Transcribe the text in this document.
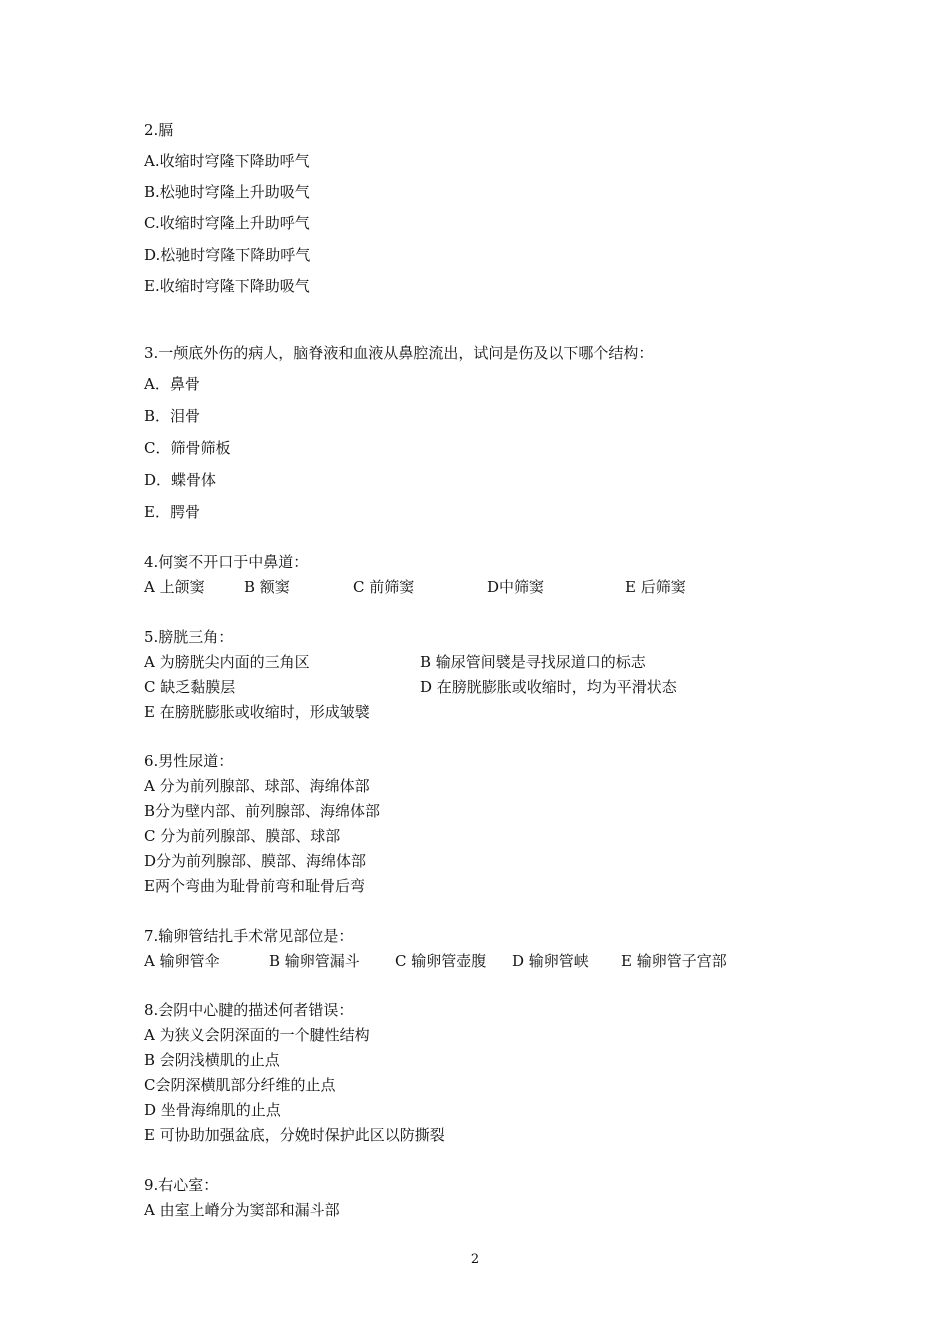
2.膈

A.收缩时穹隆下降助呼气

B.松驰时穹隆上升助吸气

C.收缩时穹隆上升助呼气

D.松驰时穹隆下降助呼气

E.收缩时穹隆下降助吸气

3.一颅底外伤的病人，脑脊液和血液从鼻腔流出，试问是伤及以下哪个结构：

A．鼻骨

B．泪骨

C．筛骨筛板

D．蝶骨体

E．腭骨

4.何窦不开口于中鼻道：

A 上颌窦	B 额窦	C 前筛窦	D中筛窦	E 后筛窦

5.膀胱三角：

A 为膀胱尖内面的三角区	B 输尿管间襞是寻找尿道口的标志
C 缺乏黏膜层	D 在膀胱膨胀或收缩时，均为平滑状态
E 在膀胱膨胀或收缩时，形成皱襞

6.男性尿道：

A 分为前列腺部、球部、海绵体部

B分为壁内部、前列腺部、海绵体部

C 分为前列腺部、膜部、球部

D分为前列腺部、膜部、海绵体部

E两个弯曲为耻骨前弯和耻骨后弯

7.输卵管结扎手术常见部位是：

A 输卵管伞	B 输卵管漏斗 C 输卵管壶腹 D 输卵管峡 E 输卵管子宫部

8.会阴中心腱的描述何者错误：

A 为狭义会阴深面的一个腱性结构

B 会阴浅横肌的止点

C会阴深横肌部分纤维的止点

D 坐骨海绵肌的止点

E 可协助加强盆底，分娩时保护此区以防撕裂

9.右心室：

A 由室上嵴分为窦部和漏斗部

2
